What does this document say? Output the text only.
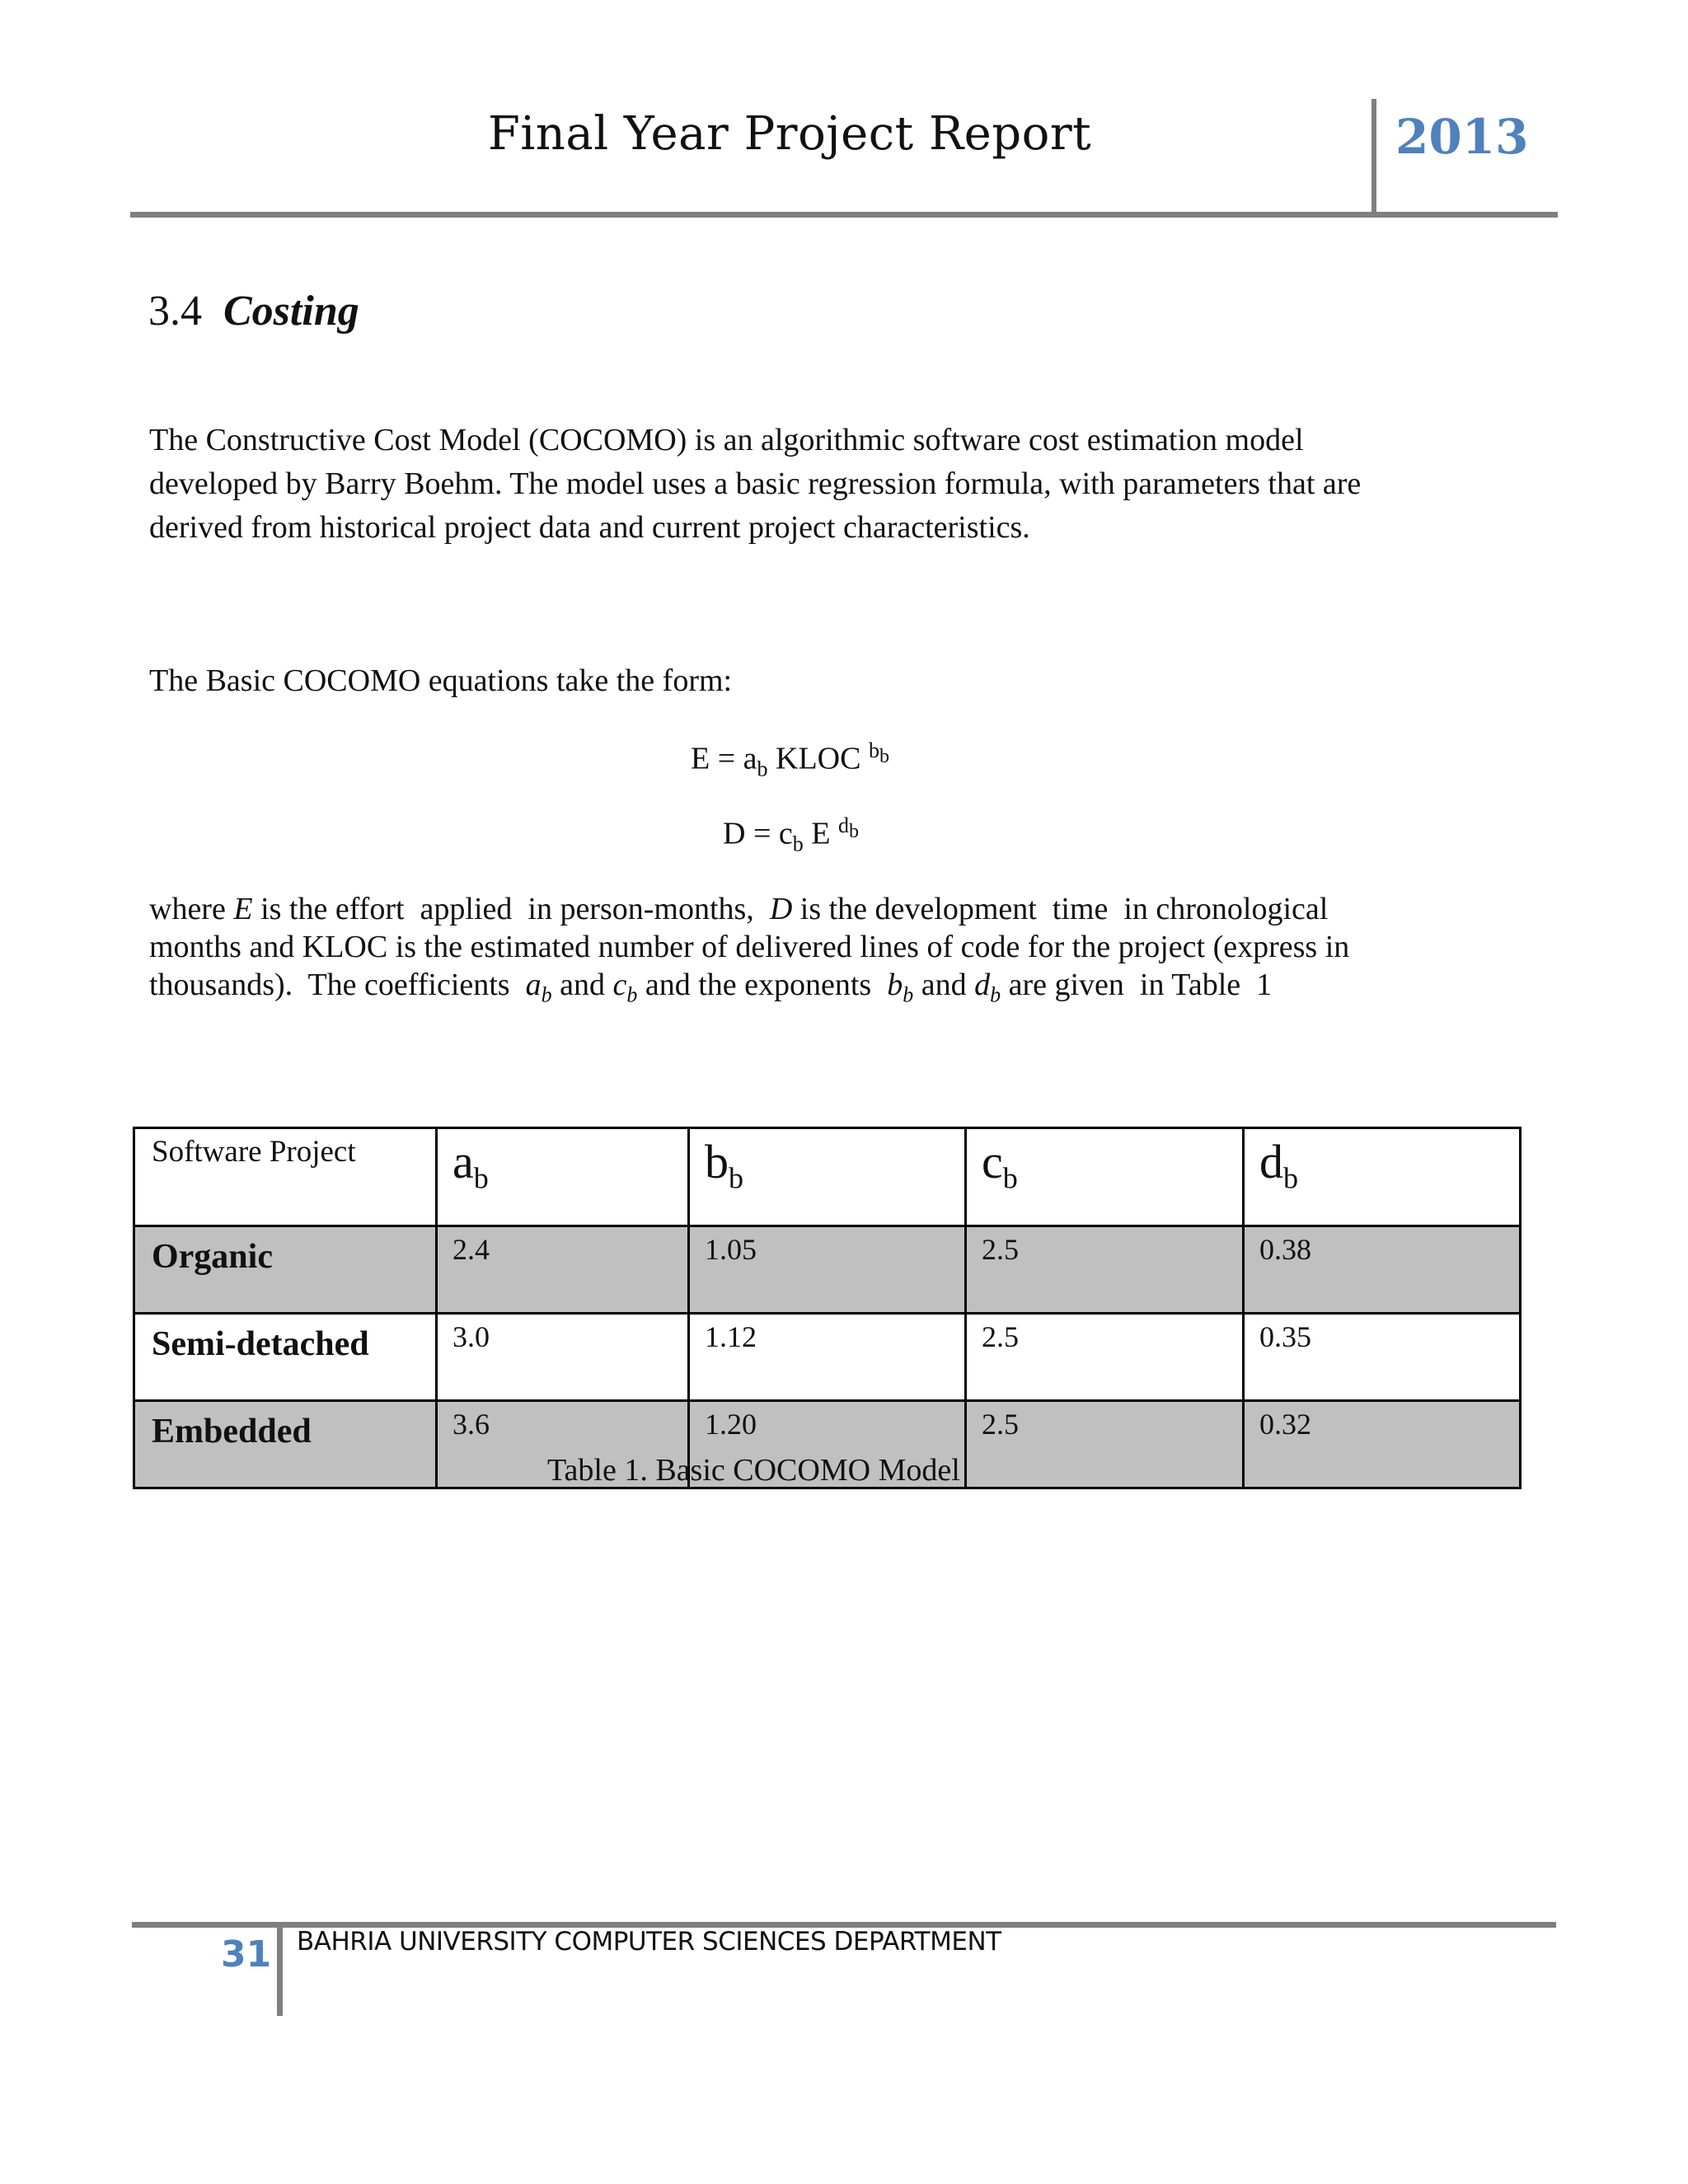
Final Year Project Report	2013
3.4 Costing

The Constructive Cost Model (COCOMO) is an algorithmic software cost estimation model

developed by Barry Boehm. The model uses a basic regression formula, with parameters that are

derived from historical project data and current project characteristics.

The Basic COCOMO equations take the form:
$E = a_b$ KLOC $^{b_b}$
$D = c_b$ E $^{d_b}$

where E is the effort  applied  in person-months,  D is the development  time  in chronological

months and KLOC is the estimated number of delivered lines of code for the project (express in

thousands).  The coefficients  $a_b$ and $c_b$ and the exponents  $b_b$ and $d_b$ are given  in Table  1

Software Project	$a_b$	$b_b$	$c_b$	$d_b$
Organic	2.4	1.05	2.5	0.38
Semi-detached	3.0	1.12	2.5	0.35
Embedded	3.6	1.20	2.5	0.32
Table 1. Basic COCOMO Model
31 BAHRIA UNIVERSITY COMPUTER SCIENCES DEPARTMENT
